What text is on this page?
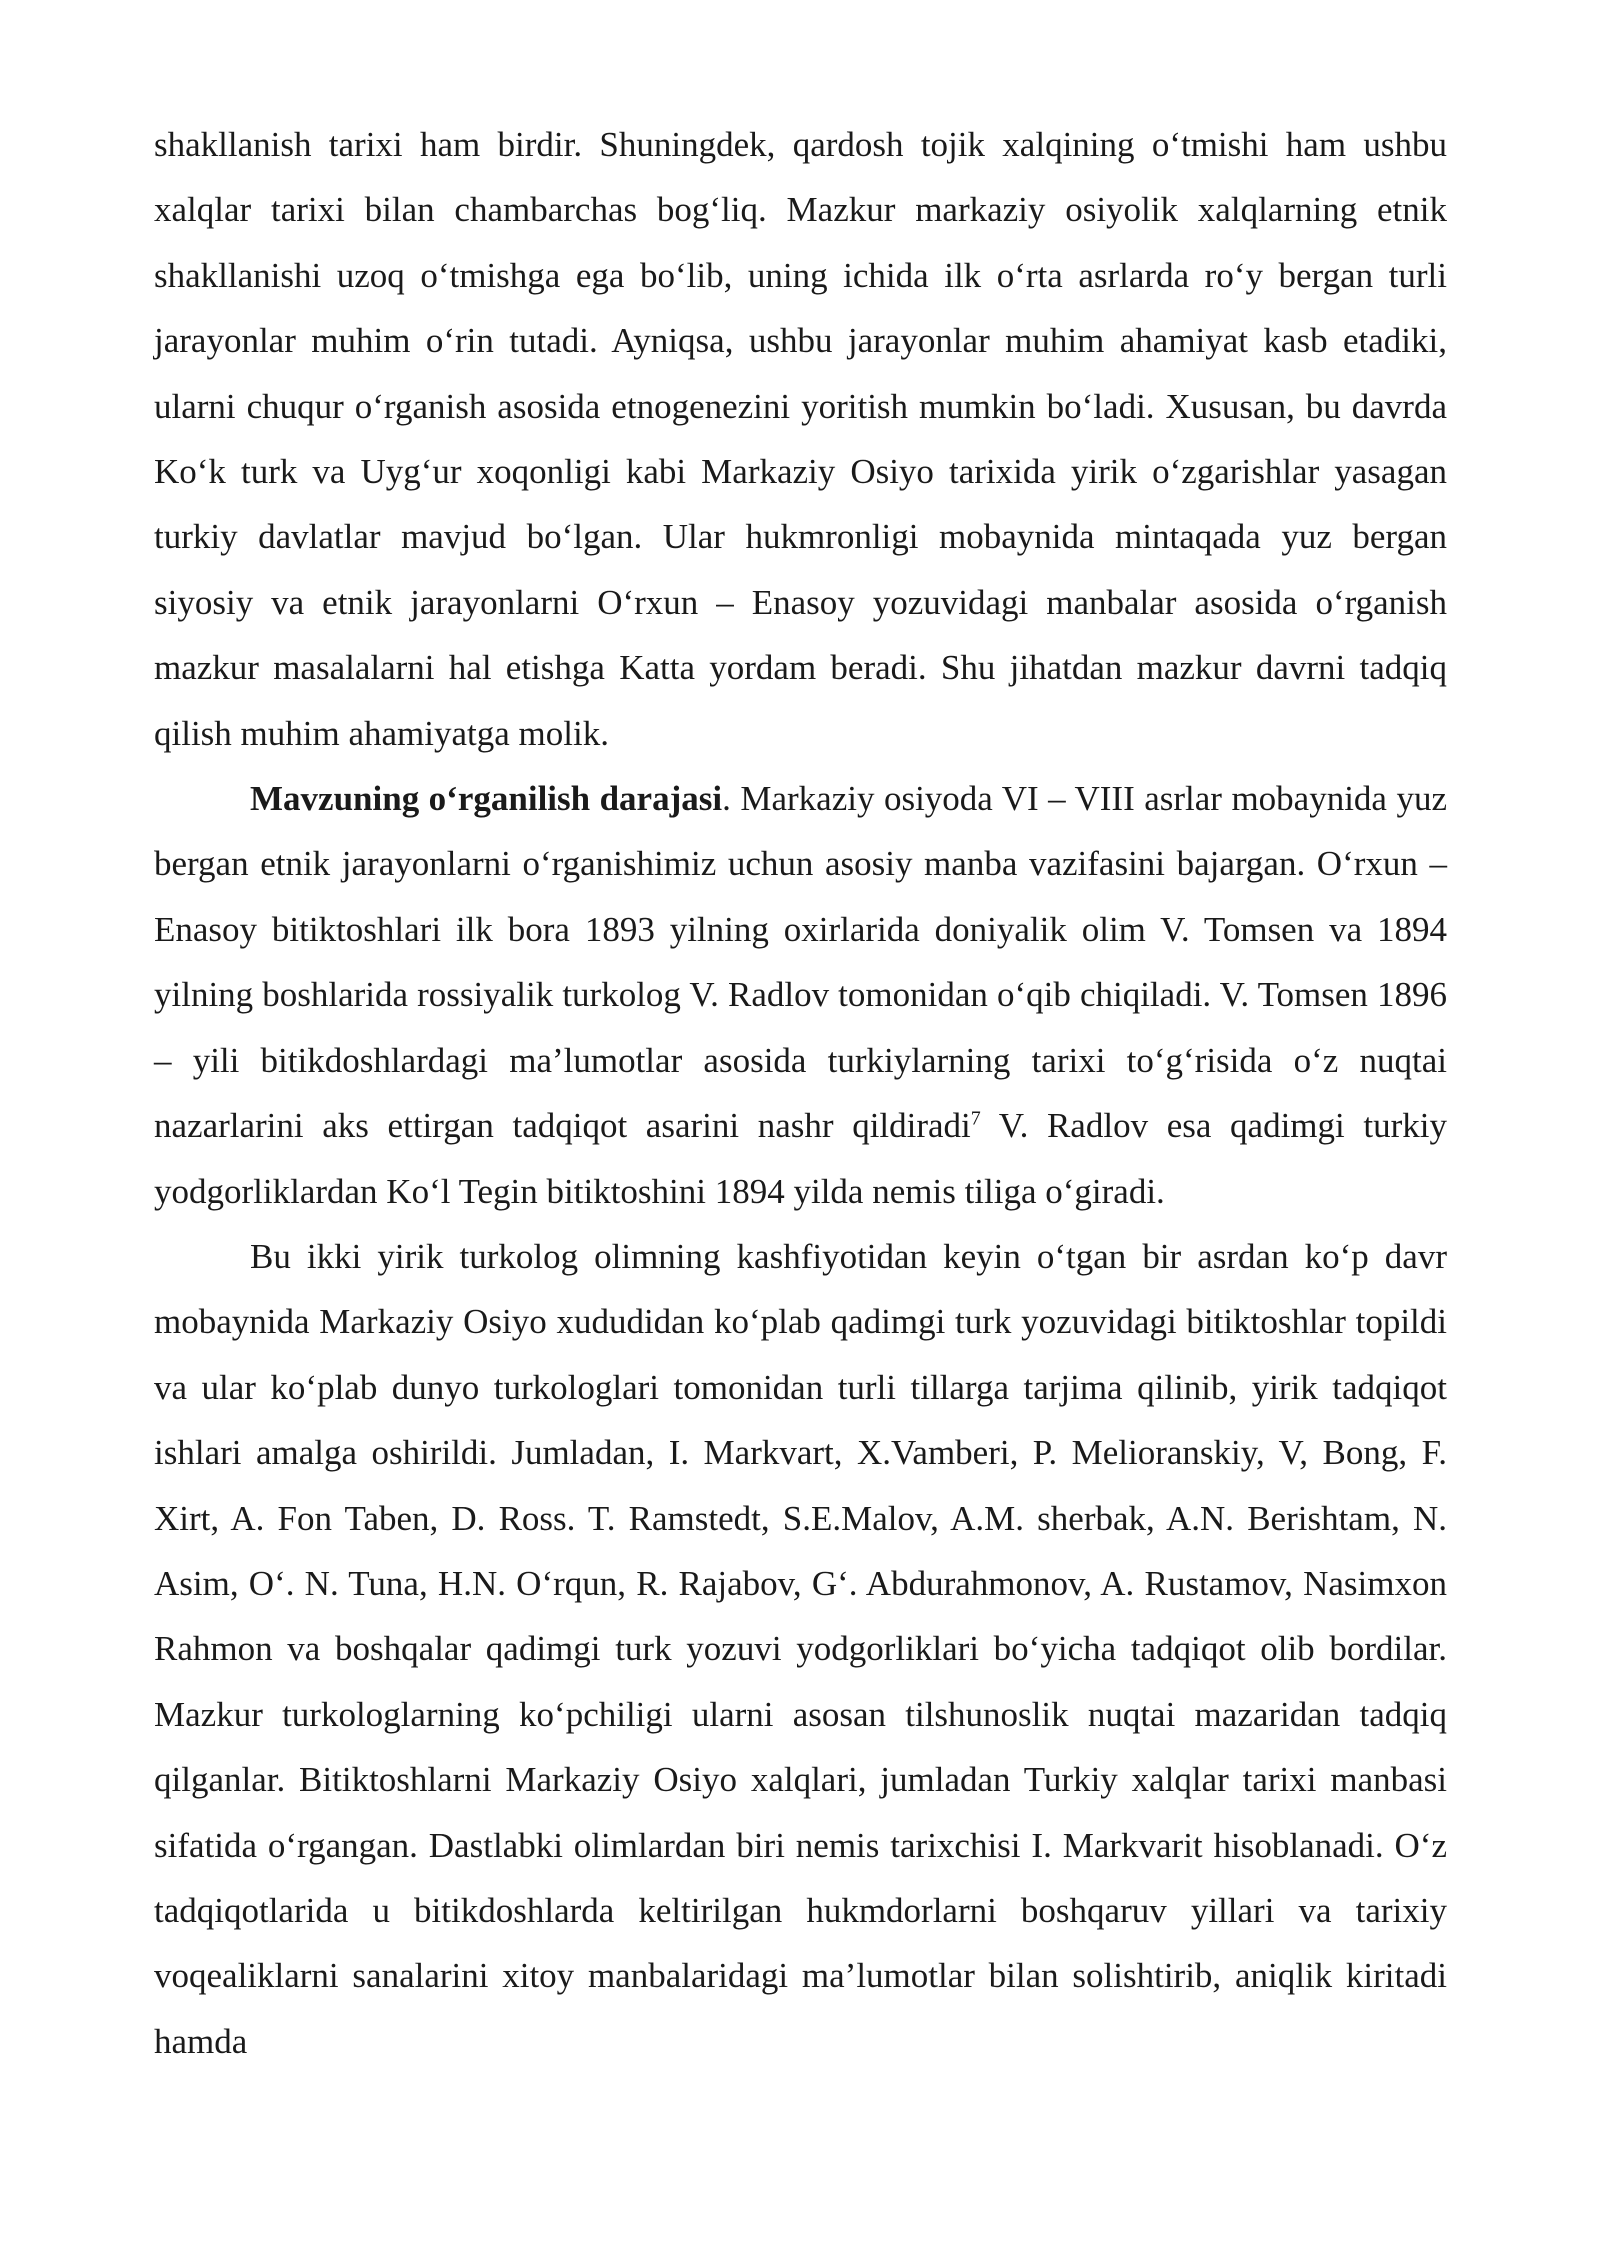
shakllanish tarixi ham birdir. Shuningdek, qardosh tojik xalqining o‘tmishi ham ushbu xalqlar tarixi bilan chambarchas bog‘liq. Mazkur markaziy osiyolik xalqlarning etnik shakllanishi uzoq o‘tmishga ega bo‘lib, uning ichida ilk o‘rta asrlarda ro‘y bergan turli jarayonlar muhim o‘rin tutadi. Ayniqsa, ushbu jarayonlar muhim ahamiyat kasb etadiki, ularni chuqur o‘rganish asosida etnogenezini yoritish mumkin bo‘ladi. Xususan, bu davrda Ko‘k turk va Uyg‘ur xoqonligi kabi Markaziy Osiyo tarixida yirik o‘zgarishlar yasagan turkiy davlatlar mavjud bo‘lgan. Ular hukmronligi mobaynida mintaqada yuz bergan siyosiy va etnik jarayonlarni O‘rxun – Enasoy yozuvidagi manbalar asosida o‘rganish mazkur masalalarni hal etishga Katta yordam beradi. Shu jihatdan mazkur davrni tadqiq qilish muhim ahamiyatga molik.

Mavzuning o‘rganilish darajasi. Markaziy osiyoda VI – VIII asrlar mobaynida yuz bergan etnik jarayonlarni o‘rganishimiz uchun asosiy manba vazifasini bajargan. O‘rxun – Enasoy bitiktoshlari ilk bora 1893 yilning oxirlarida doniyalik olim V. Tomsen va 1894 yilning boshlarida rossiyalik turkolog V. Radlov tomonidan o‘qib chiqiladi. V. Tomsen 1896 – yili bitikdoshlardagi ma’lumotlar asosida turkiylarning tarixi to‘g‘risida o‘z nuqtai nazarlarini aks ettirgan tadqiqot asarini nashr qildiradi$^7$ V. Radlov esa qadimgi turkiy yodgorliklardan Ko‘l Tegin bitiktoshini 1894 yilda nemis tiliga o‘giradi.

Bu ikki yirik turkolog olimning kashfiyotidan keyin o‘tgan bir asrdan ko‘p davr mobaynida Markaziy Osiyo xududidan ko‘plab qadimgi turk yozuvidagi bitiktoshlar topildi va ular ko‘plab dunyo turkologlari tomonidan turli tillarga tarjima qilinib, yirik tadqiqot ishlari amalga oshirildi. Jumladan, I. Markvart, X.Vamberi, P. Melioranskiy, V, Bong, F. Xirt, A. Fon Taben, D. Ross. T. Ramstedt, S.E.Malov, A.M. sherbak, A.N. Berishtam, N. Asim, O‘. N. Tuna, H.N. O‘rqun, R. Rajabov, G‘. Abdurahmonov, A. Rustamov, Nasimxon Rahmon va boshqalar qadimgi turk yozuvi yodgorliklari bo‘yicha tadqiqot olib bordilar. Mazkur turkologlarning ko‘pchiligi ularni asosan tilshunoslik nuqtai mazaridan tadqiq qilganlar. Bitiktoshlarni Markaziy Osiyo xalqlari, jumladan Turkiy xalqlar tarixi manbasi sifatida o‘rgangan. Dastlabki olimlardan biri nemis tarixchisi I. Markvarit hisoblanadi. O‘z tadqiqotlarida u bitikdoshlarda keltirilgan hukmdorlarni boshqaruv yillari va tarixiy voqealiklarni sanalarini xitoy manbalaridagi ma’lumotlar bilan solishtirib, aniqlik kiritadi hamda
